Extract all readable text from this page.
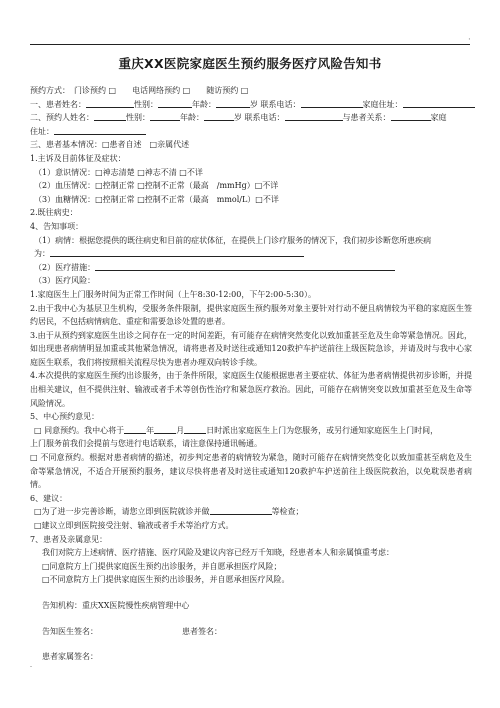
'
重庆XX医院家庭医生预约服务医疗风险告知书
预约方式：　门诊预约 □　　电话网络预约 □　　随访预约 □
一、患者姓名：	性别：	年龄：	岁 联系电话：	家庭住址：
二、预约人姓名：	性别：	年龄：	岁 联系电话：	与患者关系：	家庭
住址：
三、患者基本情况：□患者自述　□亲属代述
1.主诉及目前体征及症状：
（1）意识情况：□神志清楚 □神志不清 □不详
（2）血压情况：□控制正常 □控制不正常（最高　/mmHg）□不详
（3）血糖情况：□控制正常 □控制不正常（最高　mmol/L）□不详
2.既往病史：
4、告知事项：
（1）病情：根据您提供的既往病史和目前的症状体征，在提供上门诊疗服务的情况下，我们初步诊断您所患疾病
为：
（2）医疗措施：
（3）医疗风险：
1.家庭医生上门服务时间为正常工作时间（上午8:30-12:00，下午2:00-5:30）。
2.由于我中心为基层卫生机构，受服务条件限制，提供家庭医生预约服务对象主要针对行动不便且病情较为平稳的家庭医生签约居民，不包括病情病危、重症和需要急诊处置的患者。
3.由于从预约到家庭医生出诊之间存在一定的时间差距，有可能存在病情突然变化以致加重甚至危及生命等紧急情况。因此，如出现患者病情明显加重或其他紧急情况，请将患者及时送往或通知120救护车护送前往上级医院急诊，并请及时与我中心家庭医生联系，我们将按照相关流程尽快为患者办理双向转诊手续。
4.本次提供的家庭医生预约出诊服务，由于条件所限，家庭医生仅能根据患者主要症状、体征为患者病情提供初步诊断，并提出相关建议，但不提供注射、输液或者手术等创伤性治疗和紧急医疗救治。因此，可能存在病情突变以致加重甚至危及生命等风险情况。
5、中心预约意见：
□ 同意预约。我中心将于	年	月	日时派出家庭医生上门为您服务，或另行通知家庭医生上门时间，
上门服务前我们会提前与您进行电话联系，请注意保持通讯畅通。
□ 不同意预约。根据对患者病情的描述，初步判定患者的病情较为紧急，随时可能存在病情突然变化以致加重甚至病危及生命等紧急情况，不适合开展预约服务，建议尽快将患者及时送往或通知120救护车护送前往上级医院救治，以免耽误患者病情。
6、建议：
□为了进一步完善诊断，请您立即到医院就诊并做	等检查；
□建议立即到医院接受注射、输液或者手术等治疗方式。
7、患者及亲属意见：
我们对院方上述病情、医疗措施、医疗风险及建议内容已经万千知晓，经患者本人和亲属慎重考虑：
□同意院方上门提供家庭医生预约出诊服务，并自愿承担医疗风险；
□不同意院方上门提供家庭医生预约出诊服务，并自愿承担医疗风险。
告知机构：重庆XX医院慢性疾病管理中心
告知医生签名：	患者签名：
患者家属签名：
-
